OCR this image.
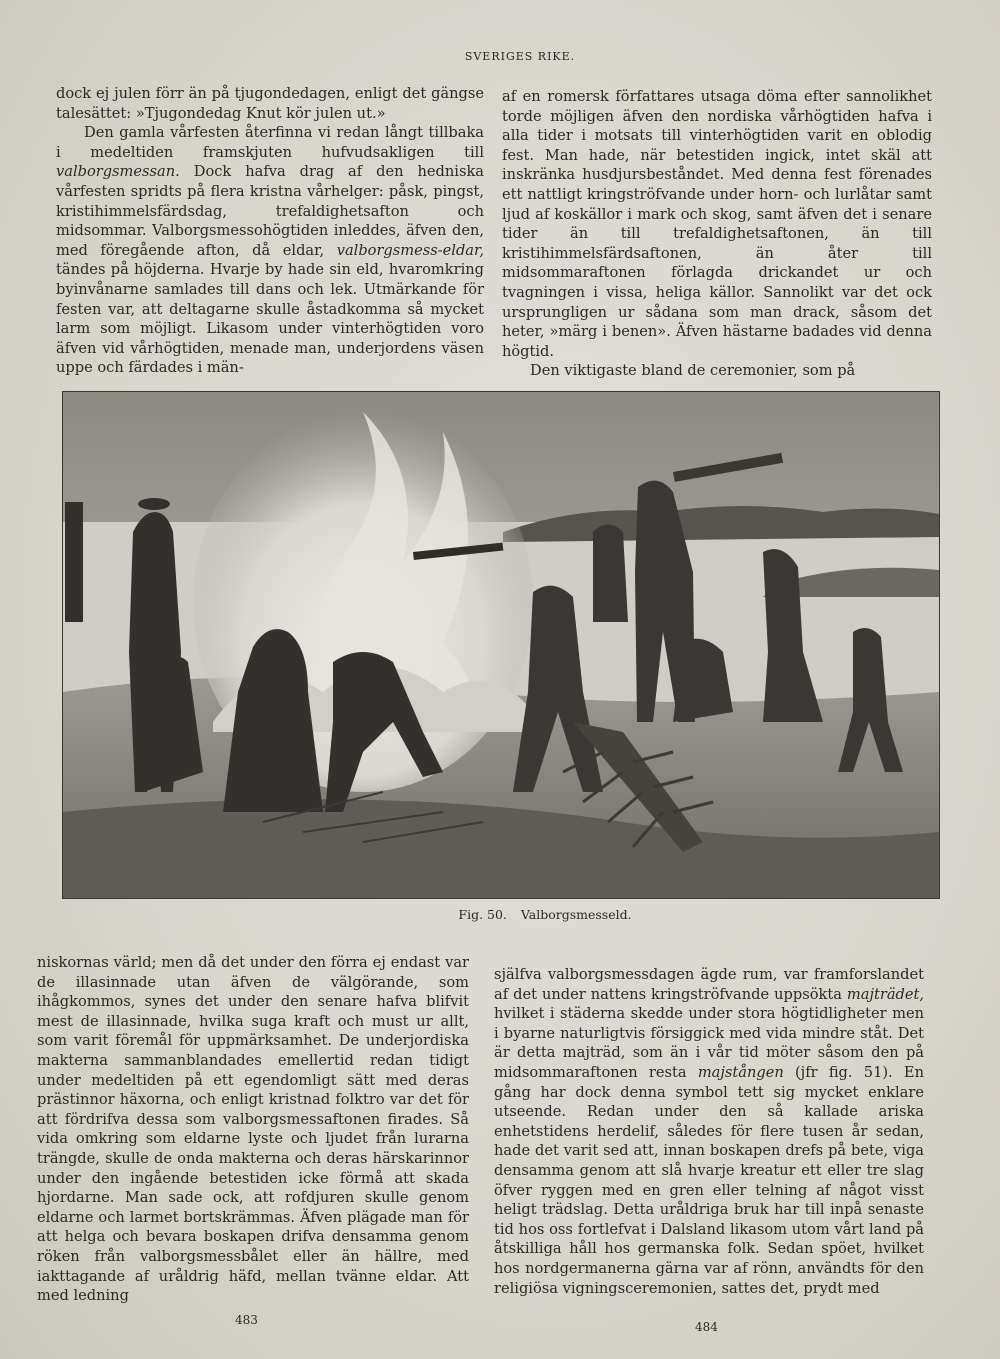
SVERIGES RIKE.

dock ej julen förr än på tjugondedagen, enligt det gängse talesättet: »Tjugondedag Knut kör julen ut.»

Den gamla vårfesten återfinna vi redan långt tillbaka i medeltiden framskjuten hufvudsakligen till valborgsmessan. Dock hafva drag af den hedniska vårfesten spridts på flera kristna vårhelger: påsk, pingst, kristihimmelsfärdsdag, trefaldighetsafton och midsommar. Valborgsmessohögtiden inleddes, äfven den, med föregående afton, då eldar, valborgsmess-eldar, tändes på höjderna. Hvarje by hade sin eld, hvaromkring byinvånarne samlades till dans och lek. Utmärkande för festen var, att deltagarne skulle åstadkomma så mycket larm som möjligt. Likasom under vinterhögtiden voro äfven vid vårhögtiden, menade man, underjordens väsen uppe och färdades i män-

af en romersk författares utsaga döma efter sannolikhet torde möjligen äfven den nordiska vårhögtiden hafva i alla tider i motsats till vinterhögtiden varit en oblodig fest. Man hade, när betestiden ingick, intet skäl att inskränka husdjursbeståndet. Med denna fest förenades ett nattligt kringströfvande under horn- och lurlåtar samt ljud af koskällor i mark och skog, samt äfven det i senare tider än till trefaldighetsaftonen, än till kristihimmelsfärdsaftonen, än åter till midsommaraftonen förlagda drickandet ur och tvagningen i vissa, heliga källor. Sannolikt var det ock ursprungligen ur sådana som man drack, såsom det heter, »märg i benen». Äfven hästarne badades vid denna högtid.

Den viktigaste bland de ceremonier, som på

Fig. 50. Valborgsmesseld.

niskornas värld; men då det under den förra ej endast var de illasinnade utan äfven de välgörande, som ihågkommos, synes det under den senare hafva blifvit mest de illasinnade, hvilka suga kraft och must ur allt, som varit föremål för uppmärksamhet. De underjordiska makterna sammanblandades emellertid redan tidigt under medeltiden på ett egendomligt sätt med deras prästinnor häxorna, och enligt kristnad folktro var det för att fördrifva dessa som valborgsmessaftonen firades. Så vida omkring som eldarne lyste och ljudet från lurarna trängde, skulle de onda makterna och deras härskarinnor under den ingående betestiden icke förmå att skada hjordarne. Man sade ock, att rofdjuren skulle genom eldarne och larmet bortskrämmas. Äfven plägade man för att helga och bevara boskapen drifva densamma genom röken från valborgsmessbålet eller än hällre, med iakttagande af uråldrig häfd, mellan tvänne eldar. Att med ledning

själfva valborgsmessdagen ägde rum, var framforslandet af det under nattens kringströfvande uppsökta majträdet, hvilket i städerna skedde under stora högtidligheter men i byarne naturligtvis försiggick med vida mindre ståt. Det är detta majträd, som än i vår tid möter såsom den på midsommaraftonen resta majstången (jfr fig. 51). En gång har dock denna symbol tett sig mycket enklare utseende. Redan under den så kallade ariska enhetstidens herdelif, således för flere tusen år sedan, hade det varit sed att, innan boskapen drefs på bete, viga densamma genom att slå hvarje kreatur ett eller tre slag öfver ryggen med en gren eller telning af något visst heligt trädslag. Detta uråldriga bruk har till inpå senaste tid hos oss fortlefvat i Dalsland likasom utom vårt land på åtskilliga håll hos germanska folk. Sedan spöet, hvilket hos nordgermanerna gärna var af rönn, användts för den religiösa vigningsceremonien, sattes det, prydt med

483	484
